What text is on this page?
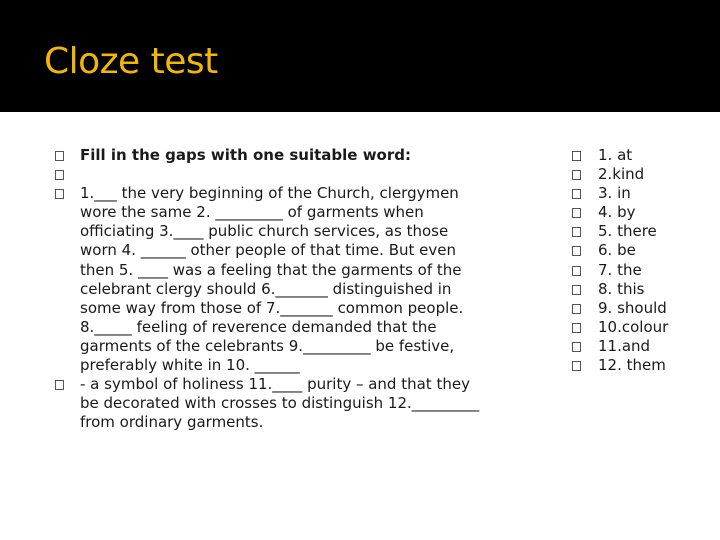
Cloze test
Fill in the gaps with one suitable word:
1.___ the very beginning of the Church, clergymen wore the same 2. _________ of garments when officiating 3.____ public church services, as those worn 4. ______ other people of that time. But even then 5. ____ was a feeling that the garments of the celebrant clergy should 6._______ distinguished in some way from those of 7._______ common people. 8._____ feeling of reverence demanded that the garments of the celebrants 9._________ be festive, preferably white in 10. ______
- a symbol of holiness 11.____ purity – and that they be decorated with crosses to distinguish 12._________ from ordinary garments.
1. at
2.kind
3. in
4. by
5. there
6. be
7. the
8. this
9. should
10.colour
11.and
12. them
